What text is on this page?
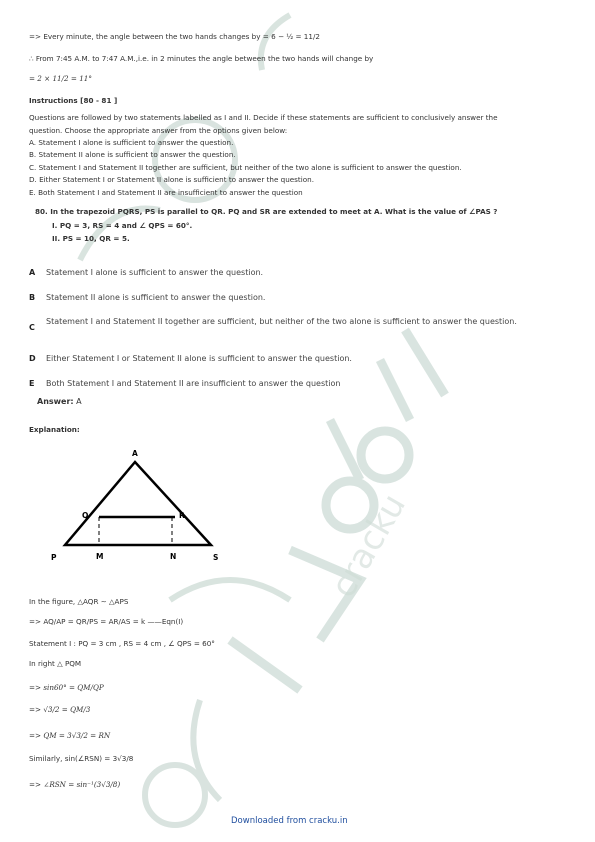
cracku
=> Every minute, the angle between the two hands changes by = 6 − ½ = 11/2
∴ From 7:45 A.M. to 7:47 A.M.,i.e. in 2 minutes the angle between the two hands will change by
= 2 × 11/2 = 11°
Instructions [80 - 81 ]
Questions are followed by two statements labelled as I and II. Decide if these statements are sufficient to conclusively answer the
question. Choose the appropriate answer from the options given below:
A. Statement I alone is sufficient to answer the question.
B. Statement II alone is sufficient to answer the question.
C. Statement I and Statement II together are sufficient, but neither of the two alone is sufficient to answer the question.
D. Either Statement I or Statement II alone is sufficient to answer the question.
E. Both Statement I and Statement II are insufficient to answer the question
80. In the trapezoid PQRS, PS is parallel to QR. PQ and SR are extended to meet at A. What is the value of ∠PAS ?
I. PQ = 3, RS = 4 and ∠ QPS = 60°.
II. PS = 10, QR = 5.
A Statement I alone is sufficient to answer the question.
B Statement II alone is sufficient to answer the question.
C
Statement I and Statement II together are sufficient, but neither of the two alone is sufficient to answer the question.
D Either Statement I or Statement II alone is sufficient to answer the question.
E Both Statement I and Statement II are insufficient to answer the question
Answer: A
Explanation:
A
Q	R
P	M	N	S
In the figure, △AQR ∼ △APS
=> AQ/AP = QR/PS = AR/AS = k ——Eqn(I)
Statement I : PQ = 3 cm , RS = 4 cm , ∠ QPS = 60°
In right △ PQM
=> sin60° = QM/QP
=> √3/2 = QM/3
=> QM = 3√3/2 = RN
Similarly, sin(∠RSN) = 3√3/8
=> ∠RSN = sin⁻¹(3√3/8)
Downloaded from cracku.in
